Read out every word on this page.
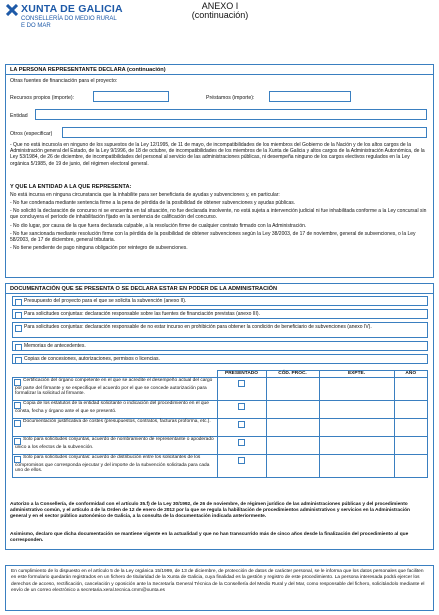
XUNTA DE GALICIA
CONSELLERÍA DO MEDIO RURAL
E DO MAR
ANEXO I
(continuación)
LA PERSONA REPRESENTANTE DECLARA (continuación)
Otras fuentes de financiación para el proyecto:
Recursos propios (importe):	Préstamos (importe):
Entidad
Otros (especificar)
- Que no está incurso/a en ninguno de los supuestos de la Ley 12/1995, de 11 de mayo, de incompatibilidades de los miembros del Gobierno de la Nación y de los altos cargos de la Administración general del Estado, de la Ley 9/1996, de 18 de octubre, de incompatibilidades de los miembros de la Xunta de Galicia y altos cargos de la Administración Autonómica, de la Ley 53/1984, de 26 de diciembre, de incompatibilidades del personal al servicio de las administraciones públicas, ni desempeña ninguno de los cargos electivos regulados en la Ley orgánica 5/1985, de 19 de junio, del régimen electoral general.
Y QUE LA ENTIDAD A LA QUE REPRESENTA:
No está incursa en ninguna circunstancia que la inhabilite para ser beneficiaria de ayudas y subvenciones y, en particular:
- No fue condenada mediante sentencia firme a la pena de pérdida de la posibilidad de obtener subvenciones y ayudas públicas.
- No solicitó la declaración de concurso ni se encuentra en tal situación, no fue declarada insolvente, no está sujeta a intervención judicial ni fue inhabilitada conforme a la Ley concursal sin que concluyera el período de inhabilitación fijado en la sentencia de calificación del concurso.
- No dio lugar, por causa de la que fuera declarada culpable, a la resolución firme de cualquier contrato firmado con la Administración.
- No fue sancionada mediante resolución firme con la pérdida de la posibilidad de obtener subvenciones según la Ley 38/2003, de 17 de noviembre, general de subvenciones, o la Ley 58/2003, de 17 de diciembre, general tributaria.
- No tiene pendiente de pago ninguna obligación por reintegro de subvenciones.
DOCUMENTACIÓN QUE SE PRESENTA O SE DECLARA ESTAR EN PODER DE LA ADMINISTRACIÓN
Presupuesto del proyecto para el que se solicita la subvención (anexo II).
Para solicitudes conjuntas: declaración responsable sobre las fuentes de financiación previstas (anexo III).
Para solicitudes conjuntas: declaración responsable de no estar incurso en prohibición para obtener la condición de beneficiario de subvenciones (anexo IV).
Memorias de antecedentes.
Copias de concesiones, autorizaciones, permisos o licencias.
	PRESENTADO	CÓD. PROC.	EXPTE.	AÑO
Certificación del órgano competente en el que se acredite el desempeño actual del cargo por parte del firmante y se especifique el acuerdo por el que se concede autorización para formalizar la solicitud al firmante.				
Copia de los estatutos de la entidad solicitante o indicación del procedimiento en el que consta, fecha y órgano ante el que se presentó.				
Documentación justificativa de costes (presupuestos, contratos, facturas proforma, etc.).				
Solo para solicitudes conjuntas, acuerdo de nombramiento de representante o apoderado único a los efectos de la subvención.				
Solo para solicitudes conjuntas: acuerdo de distribución entre los solicitantes de los compromisos que corresponda ejecutar y del importe de la subvención solicitada para cada uno de ellos.				
Autorizo a la Consellería, de conformidad con el artículo 35.f) de la Ley 30/1992, de 26 de noviembre, de régimen jurídico de las administraciones públicas y del procedimiento administrativo común, y el artículo 4 de la Orden de 12 de enero de 2012 por la que se regula la habilitación de procedimientos administrativos y servicios en la Administración general y en el sector público autonómico de Galicia, a la consulta de la documentación indicada anteriormente.
Asimismo, declaro que dicha documentación se mantiene vigente en la actualidad y que no han transcurrido más de cinco años desde la finalización del procedimiento al que corresponden.
En cumplimiento de lo dispuesto en el artículo 5 de la Ley orgánica 15/1999, de 13 de diciembre, de protección de datos de carácter personal, se le informa que los datos personales que faciliten en este formulario quedarán registrados en un fichero de titularidad de la Xunta de Galicia, cuya finalidad es la gestión y registro de este procedimiento. La persona interesada podrá ejercer los derechos de acceso, rectificación, cancelación y oposición ante la Secretaría General Técnica de la Consellería del Medio Rural y del Mar, como responsable del fichero, solicitándolo mediante el envío de un correo electrónico a secretaria.xeral.tecnica.cmm@xunta.es
